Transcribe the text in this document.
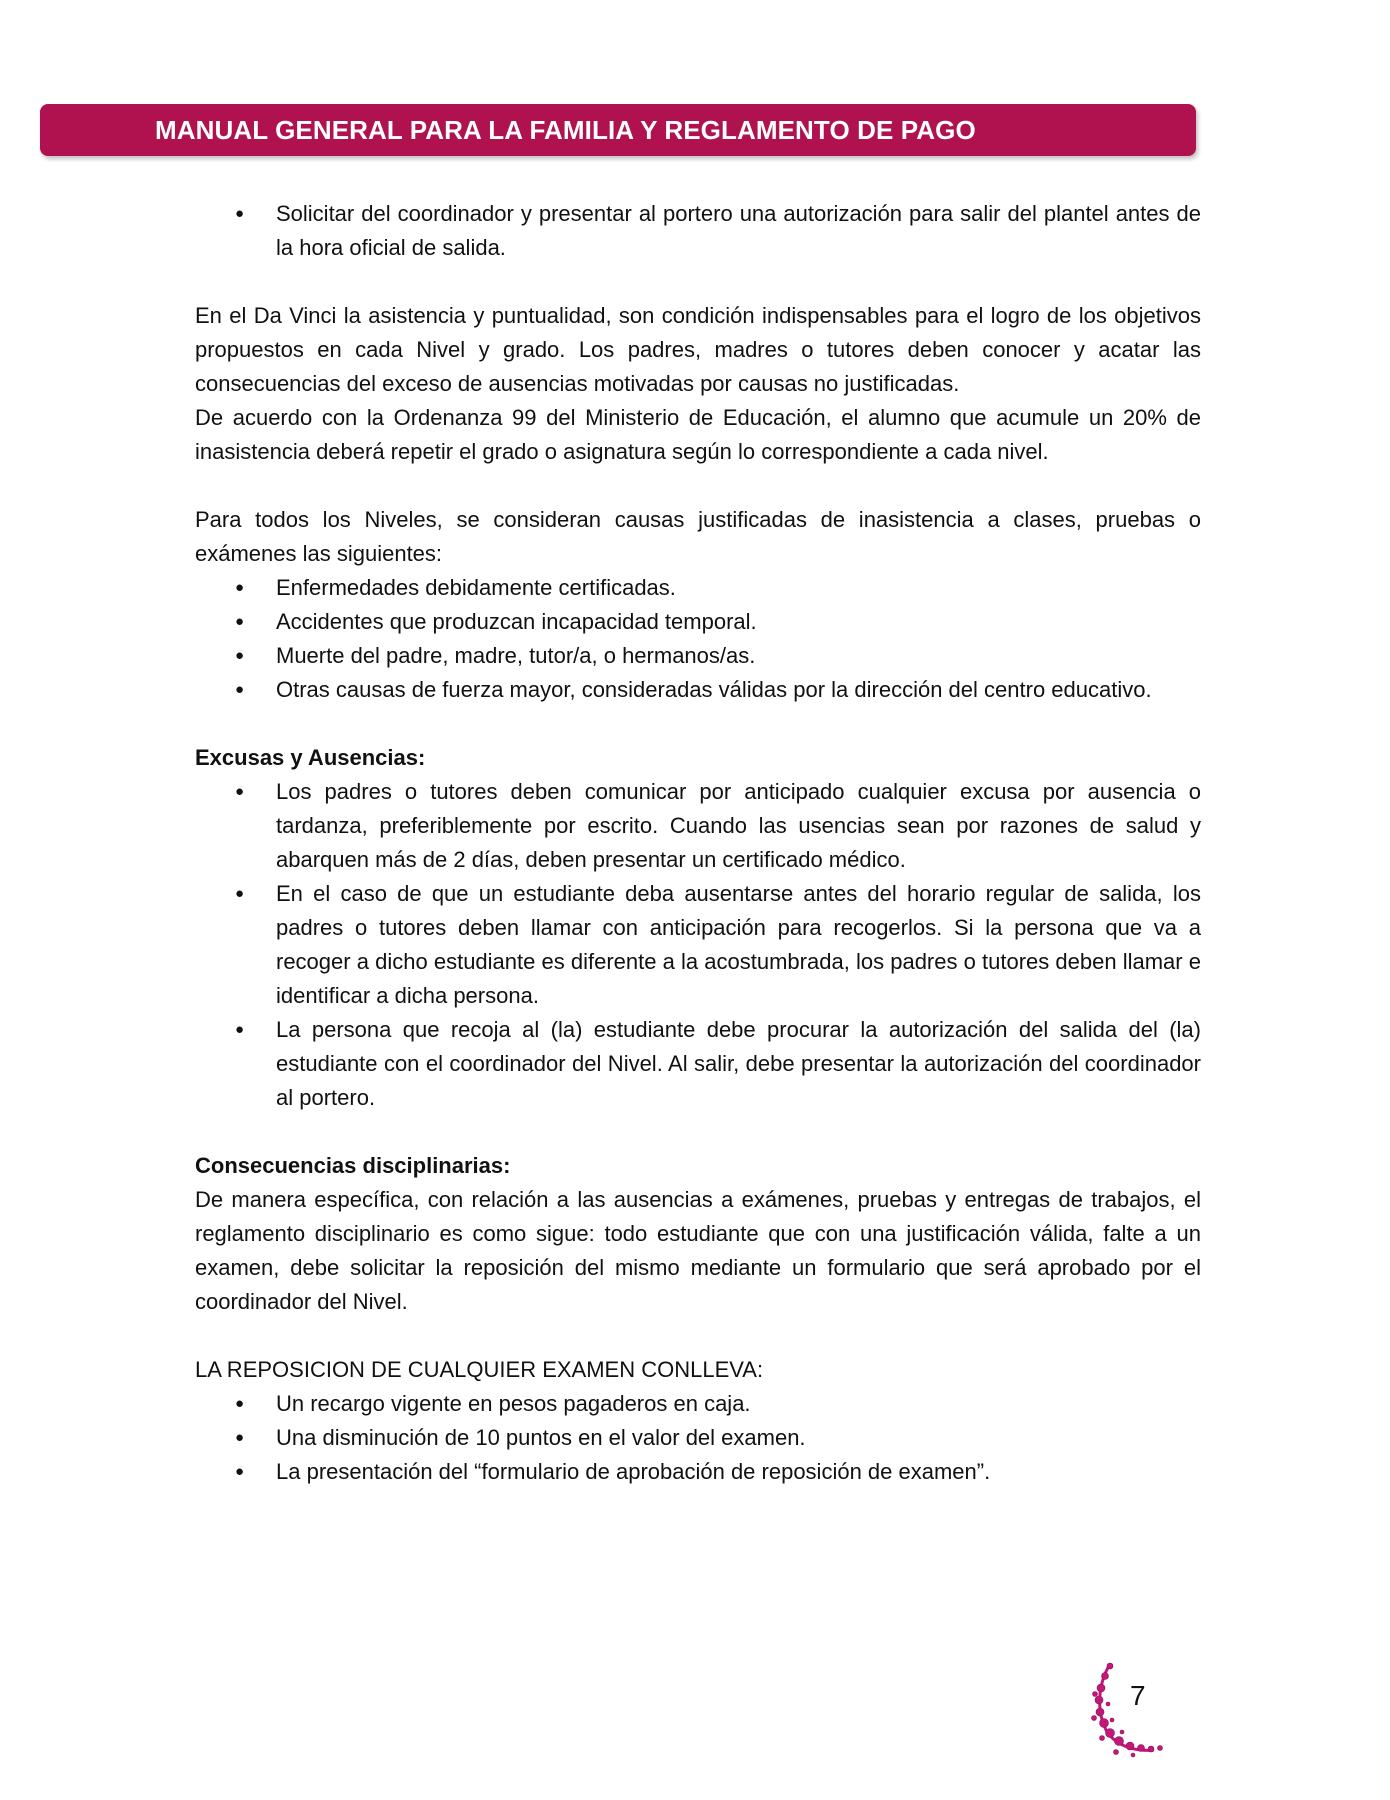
MANUAL GENERAL PARA LA FAMILIA Y REGLAMENTO DE PAGO
● Solicitar del coordinador y presentar al portero una autorización para salir del plantel antes de la hora oficial de salida.

En el Da Vinci la asistencia y puntualidad, son condición indispensables para el logro de los objetivos propuestos en cada Nivel y grado. Los padres, madres o tutores deben conocer y acatar las consecuencias del exceso de ausencias motivadas por causas no justificadas.

De acuerdo con la Ordenanza 99 del Ministerio de Educación, el alumno que acumule un 20% de inasistencia deberá repetir el grado o asignatura según lo correspondiente a cada nivel.

Para todos los Niveles, se consideran causas justificadas de inasistencia a clases, pruebas o exámenes las siguientes:

● Enfermedades debidamente certificadas.
● Accidentes que produzcan incapacidad temporal.
● Muerte del padre, madre, tutor/a, o hermanos/as.
● Otras causas de fuerza mayor, consideradas válidas por la dirección del centro educativo.

Excusas y Ausencias:

● Los padres o tutores deben comunicar por anticipado cualquier excusa por ausencia o tardanza, preferiblemente por escrito. Cuando las usencias sean por razones de salud y abarquen más de 2 días, deben presentar un certificado médico.
● En el caso de que un estudiante deba ausentarse antes del horario regular de salida, los padres o tutores deben llamar con anticipación para recogerlos. Si la persona que va a recoger a dicho estudiante es diferente a la acostumbrada, los padres o tutores deben llamar e identificar a dicha persona.
● La persona que recoja al (la) estudiante debe procurar la autorización del salida del (la) estudiante con el coordinador del Nivel. Al salir, debe presentar la autorización del coordinador al portero.

Consecuencias disciplinarias:

De manera específica, con relación a las ausencias a exámenes, pruebas y entregas de trabajos, el reglamento disciplinario es como sigue: todo estudiante que con una justificación válida, falte a un examen, debe solicitar la reposición del mismo mediante un formulario que será aprobado por el coordinador del Nivel.

LA REPOSICION DE CUALQUIER EXAMEN CONLLEVA:

● Un recargo vigente en pesos pagaderos en caja.
● Una disminución de 10 puntos en el valor del examen.
● La presentación del “formulario de aprobación de reposición de examen”.
7
